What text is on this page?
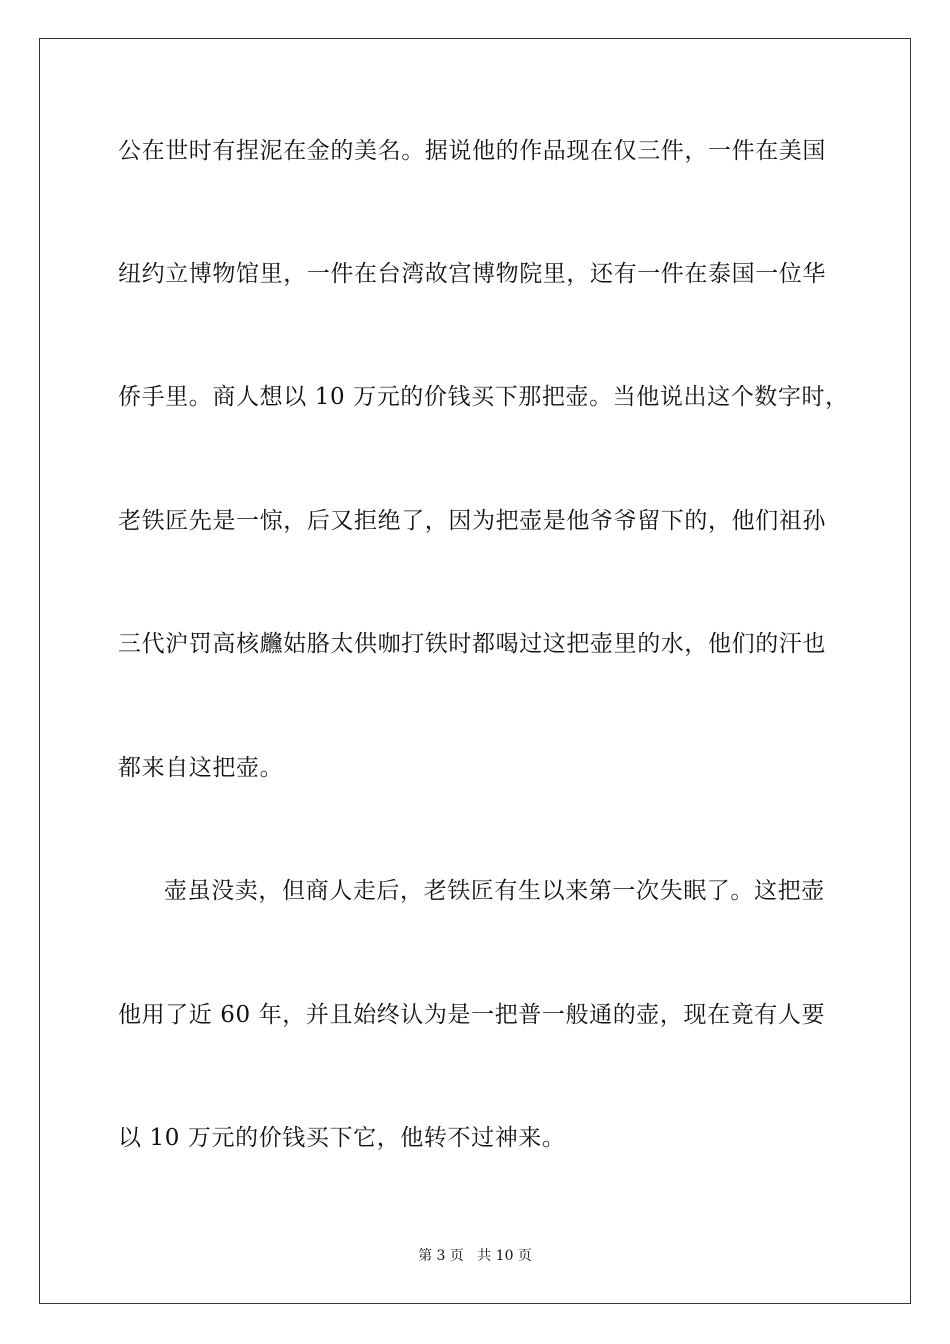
公在世时有捏泥在金的美名。据说他的作品现在仅三件，一件在美国
纽约立博物馆里，一件在台湾故宫博物院里，还有一件在泰国一位华
侨手里。商人想以 10 万元的价钱买下那把壶。当他说出这个数字时，
老铁匠先是一惊，后又拒绝了，因为把壶是他爷爷留下的，他们祖孙
三代沪罚高核虪姑胳太供咖打铁时都喝过这把壶里的水，他们的汗也
都来自这把壶。
壶虽没卖，但商人走后，老铁匠有生以来第一次失眠了。这把壶
他用了近 60 年，并且始终认为是一把普一般通的壶，现在竟有人要
以 10 万元的价钱买下它，他转不过神来。
第 3 页   共 10 页
